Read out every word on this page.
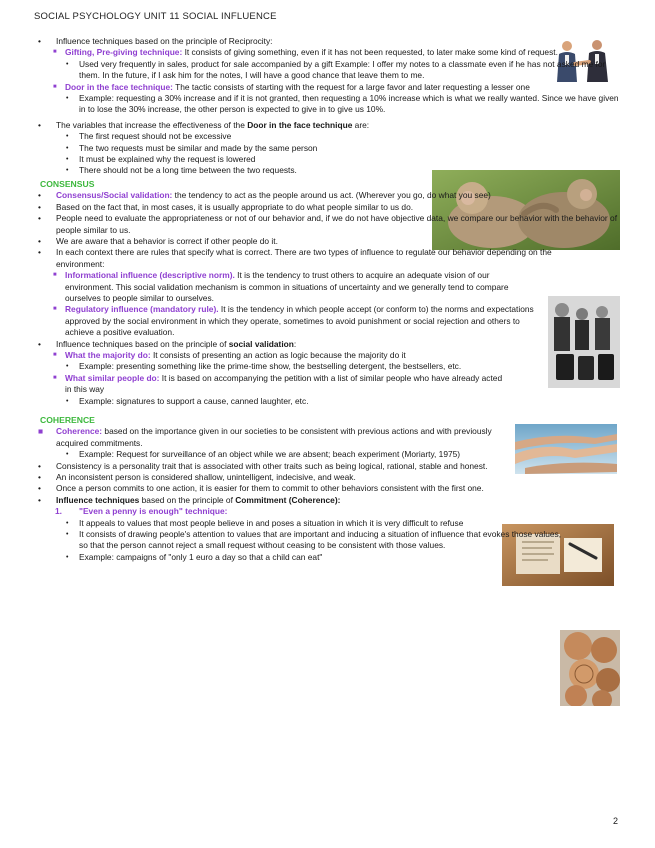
SOCIAL PSYCHOLOGY UNIT 11 SOCIAL INFLUENCE
• Influence techniques based on the principle of Reciprocity:
■ Gifting, Pre-giving technique: It consists of giving something, even if it has not been requested, to later make some kind of request.
• Used very frequently in sales, product for sale accompanied by a gift Example: I offer my notes to a classmate even if he has not asked me for them. In the future, if I ask him for the notes, I will have a good chance that leave them to me.
■ Door in the face technique: The tactic consists of starting with the request for a large favor and later requesting a lesser one
• Example: requesting a 30% increase and if it is not granted, then requesting a 10% increase which is what we really wanted. Since we have given in to lose the 30% increase, the other person is expected to give in to give us 10%.
• The variables that increase the effectiveness of the Door in the face technique are:
• The first request should not be excessive
• The two requests must be similar and made by the same person
• It must be explained why the request is lowered
• There should not be a long time between the two requests.
CONSENSUS
• Consensus/Social validation: the tendency to act as the people around us act. (Wherever you go, do what you see)
• Based on the fact that, in most cases, it is usually appropriate to do what people similar to us do.
• People need to evaluate the appropriateness or not of our behavior and, if we do not have objective data, we compare our behavior with the behavior of people similar to us.
• We are aware that a behavior is correct if other people do it.
• In each context there are rules that specify what is correct. There are two types of influence to regulate our behavior depending on the environment:
■ Informational influence (descriptive norm). It is the tendency to trust others to acquire an adequate vision of our environment. This social validation mechanism is common in situations of uncertainty and we generally tend to compare ourselves to people similar to ourselves.
■ Regulatory influence (mandatory rule). It is the tendency in which people accept (or conform to) the norms and expectations approved by the social environment in which they operate, sometimes to avoid punishment or social rejection and others to achieve a positive evaluation.
• Influence techniques based on the principle of social validation:
■ What the majority do: It consists of presenting an action as logic because the majority do it
• Example: presenting something like the prime-time show, the bestselling detergent, the bestsellers, etc.
■ What similar people do: It is based on accompanying the petition with a list of similar people who have already acted in this way
• Example: signatures to support a cause, canned laughter, etc.
COHERENCE
■ Coherence: based on the importance given in our societies to be consistent with previous actions and with previously acquired commitments.
• Example: Request for surveillance of an object while we are absent; beach experiment (Moriarty, 1975)
• Consistency is a personality trait that is associated with other traits such as being logical, rational, stable and honest.
• An inconsistent person is considered shallow, unintelligent, indecisive, and weak.
• Once a person commits to one action, it is easier for them to commit to other behaviors consistent with the first one.
• Influence techniques based on the principle of Commitment (Coherence):
1. "Even a penny is enough" technique:
• It appeals to values that most people believe in and poses a situation in which it is very difficult to refuse
• It consists of drawing people's attention to values that are important and inducing a situation of influence that evokes those values, so that the person cannot reject a small request without ceasing to be consistent with those values.
• Example: campaigns of "only 1 euro a day so that a child can eat"
2
